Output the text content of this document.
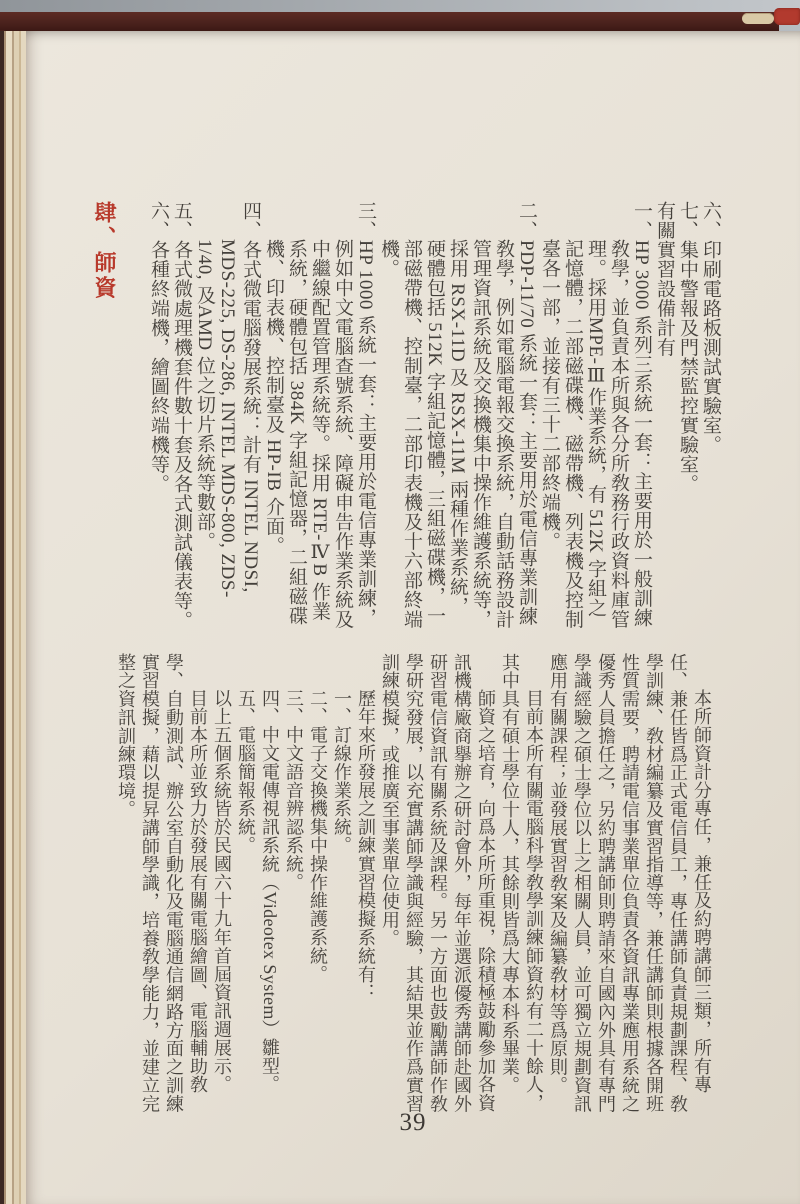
六、印刷電路板測試實驗室。
七、集中警報及門禁監控實驗室。
有關實習設備計有
一、HP 3000 系列三系統一套：主要用於一般訓練敎學，並負責本所與各分所敎務行政資料庫管理。採用MPE-Ⅲ作業系統，有 512K 字組之記憶體，二部磁碟機、磁帶機、列表機及控制臺各一部，並接有三十二部終端機。
二、PDP-11/70 系統一套：主要用於電信專業訓練敎學，例如電腦電報交換系統，自動話務設計管理資訊系統及交換機集中操作維護系統等，採用 RSX-11D 及 RSX-11M 兩種作業系統，硬體包括 512K 字組記憶體，三組磁碟機，一部磁帶機、控制臺，二部印表機及十六部終端機。
三、HP 1000 系統一套：主要用於電信專業訓練，例如中文電腦查號系統、障礙申告作業系統及中繼線配置管理系統等。採用 RTE-ⅣB 作業系統，硬體包括 384K 字組記憶器，二組磁碟機、印表機、控制臺及 HP-IB 介面。
四、各式微電腦發展系統：計有 INTEL NDSI, MDS-225, DS-286, INTEL MDS-800, ZDS-1/40, 及AMD 位之切片系統等數部。
五、各式微處理機套件數十套及各式測試儀表等。
六、各種終端機，繪圖終端機等。
肆、師資
本所師資計分專任，兼任及約聘講師三類，所有專任、兼任皆爲正式電信員工，專任講師負責規劃課程、敎學訓練、敎材編纂及實習指導等，兼任講師則根據各開班性質需要，聘請電信事業單位負責各資訊專業應用系統之優秀人員擔任之，另約聘講師則聘請來自國內外具有專門學識經驗之碩士學位以上之相關人員，並可獨立規劃資訊應用有關課程；並發展實習敎案及編纂敎材等爲原則。
目前本所有關電腦科學敎學訓練師資約有二十餘人，其中具有碩士學位十人，其餘則皆爲大專本科系畢業。
師資之培育，向爲本所所重視，除積極鼓勵參加各資訊機構廠商擧辦之研討會外，每年並選派優秀講師赴國外研習電信資訊有關系統及課程。另一方面也鼓勵講師作敎學研究發展，以充實講師學識與經驗，其結果並作爲實習訓練模擬，或推廣至事業單位使用。
歷年來所發展之訓練實習模擬系統有：
一、訂線作業系統。
二、電子交換機集中操作維護系統。
三、中文語音辨認系統。
四、中文電傳視訊系統（Videotex System）雛型。
五、電腦簡報系統。
以上五個系統皆於民國六十九年首屆資訊週展示。
目前本所並致力於發展有關電腦繪圖、電腦輔助敎學、自動測試、辦公室自動化及電腦通信網路方面之訓練實習模擬，藉以提昇講師學識，培養敎學能力，並建立完整之資訊訓練環境。
39
